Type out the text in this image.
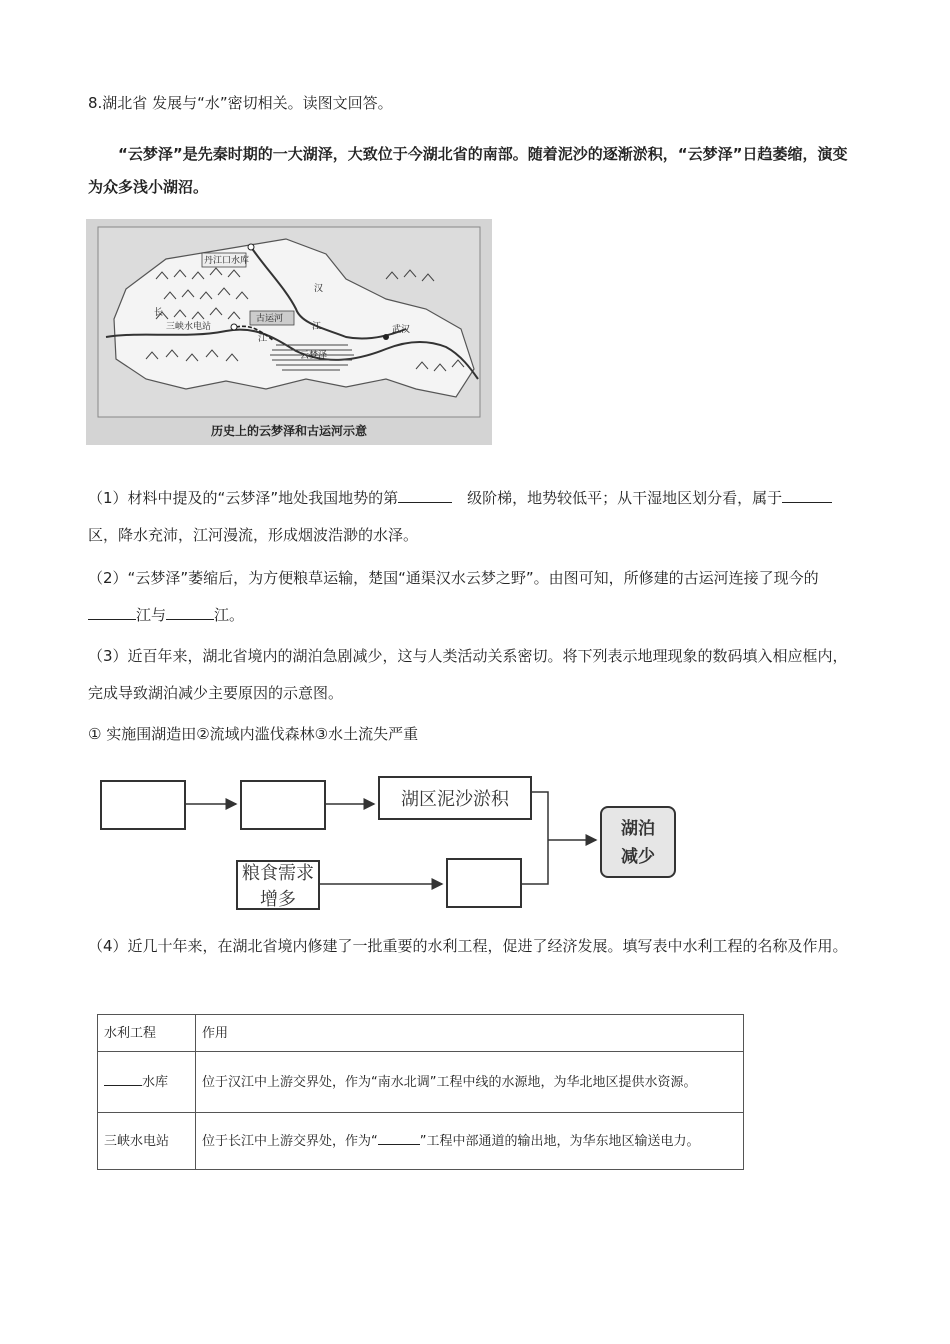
8.湖北省 发展与“水”密切相关。读图文回答。
“云梦泽”是先秦时期的一大湖泽，大致位于今湖北省的南部。随着泥沙的逐渐淤积，“云梦泽”日趋萎缩，演变为众多浅小湖沼。
丹江口水库
汉
江
长
三峡水电站
江
古运河
云梦泽
武汉
历史上的云梦泽和古运河示意
（1）材料中提及的“云梦泽”地处我国地势的第　	级阶梯，地势较低平；从干湿地区划分看，属于区，降水充沛，江河漫流，形成烟波浩渺的水泽。
（2）“云梦泽”萎缩后，为方便粮草运输，楚国“通渠汉水云梦之野”。由图可知，所修建的古运河连接了现今的江与	江。
（3）近百年来，湖北省境内的湖泊急剧减少，这与人类活动关系密切。将下列表示地理现象的数码填入相应框内，完成导致湖泊减少主要原因的示意图。
① 实施围湖造田②流域内滥伐森林③水土流失严重
湖区泥沙淤积
粮食需求增多
湖泊
减少
（4）近几十年来，在湖北省境内修建了一批重要的水利工程，促进了经济发展。填写表中水利工程的名称及作用。
水利工程	作用
水库	位于汉江中上游交界处，作为“南水北调”工程中线的水源地，为华北地区提供水资源。
三峡水电站	位于长江中上游交界处，作为“ ”工程中部通道的输出地，为华东地区输送电力。
